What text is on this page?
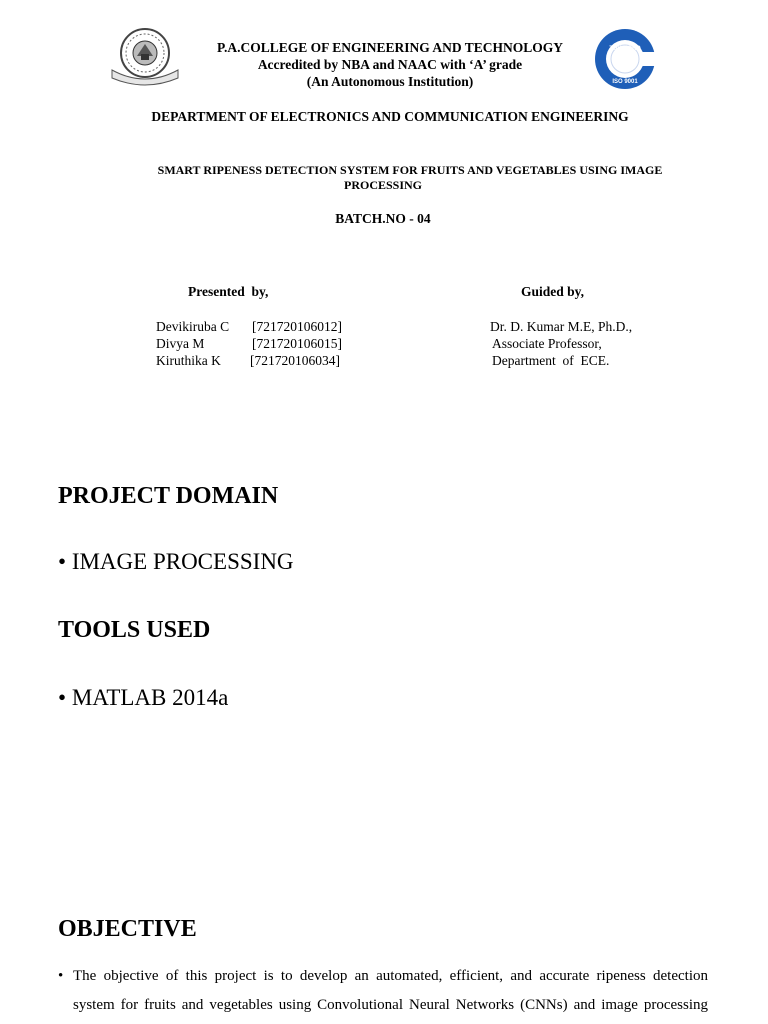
P.A.COLLEGE OF ENGINEERING AND TECHNOLOGY
Accredited by NBA and NAAC with ‘A’ grade
(An Autonomous Institution)
TÜV NORD
ISO 9001
DEPARTMENT OF ELECTRONICS AND COMMUNICATION ENGINEERING
SMART RIPENESS DETECTION SYSTEM FOR FRUITS AND VEGETABLES USING IMAGE
PROCESSING
BATCH.NO - 04
Presented  by,
Devikiruba C [721720106012]
Divya M	[721720106015]
Kiruthika K [721720106034]
Guided by,
Dr. D. Kumar M.E, Ph.D.,
Associate Professor,
Department  of  ECE.
PROJECT DOMAIN
• IMAGE PROCESSING
TOOLS USED
• MATLAB 2014a
OBJECTIVE
• The objective of this project is to develop an automated, efficient, and accurate ripeness detection
system for fruits and vegetables using Convolutional Neural Networks (CNNs) and image processing
